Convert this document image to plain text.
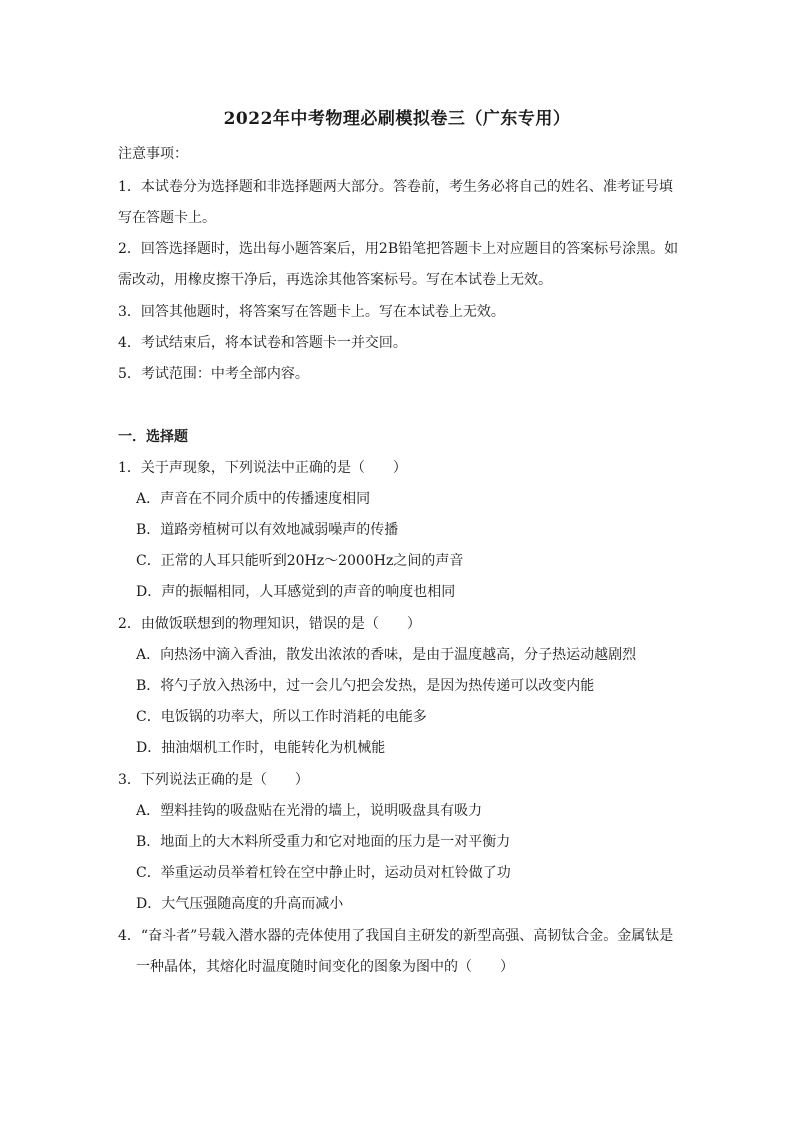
2022年中考物理必刷模拟卷三（广东专用）
注意事项：
1．本试卷分为选择题和非选择题两大部分。答卷前，考生务必将自己的姓名、准考证号填
写在答题卡上。
2．回答选择题时，选出每小题答案后，用2B铅笔把答题卡上对应题目的答案标号涂黑。如
需改动，用橡皮擦干净后，再选涂其他答案标号。写在本试卷上无效。
3．回答其他题时，将答案写在答题卡上。写在本试卷上无效。
4．考试结束后，将本试卷和答题卡一并交回。
5．考试范围：中考全部内容。
一．选择题
1．关于声现象，下列说法中正确的是（　　）
A．声音在不同介质中的传播速度相同
B．道路旁植树可以有效地减弱噪声的传播
C．正常的人耳只能听到20Hz～2000Hz之间的声音
D．声的振幅相同，人耳感觉到的声音的响度也相同
2．由做饭联想到的物理知识，错误的是（　　）
A．向热汤中滴入香油，散发出浓浓的香味，是由于温度越高，分子热运动越剧烈
B．将勺子放入热汤中，过一会儿勺把会发热，是因为热传递可以改变内能
C．电饭锅的功率大，所以工作时消耗的电能多
D．抽油烟机工作时，电能转化为机械能
3．下列说法正确的是（　　）
A．塑料挂钩的吸盘贴在光滑的墙上，说明吸盘具有吸力
B．地面上的大木料所受重力和它对地面的压力是一对平衡力
C．举重运动员举着杠铃在空中静止时，运动员对杠铃做了功
D．大气压强随高度的升高而减小
4．“奋斗者”号载入潜水器的壳体使用了我国自主研发的新型高强、高韧钛合金。金属钛是
一种晶体，其熔化时温度随时间变化的图象为图中的（　　）
